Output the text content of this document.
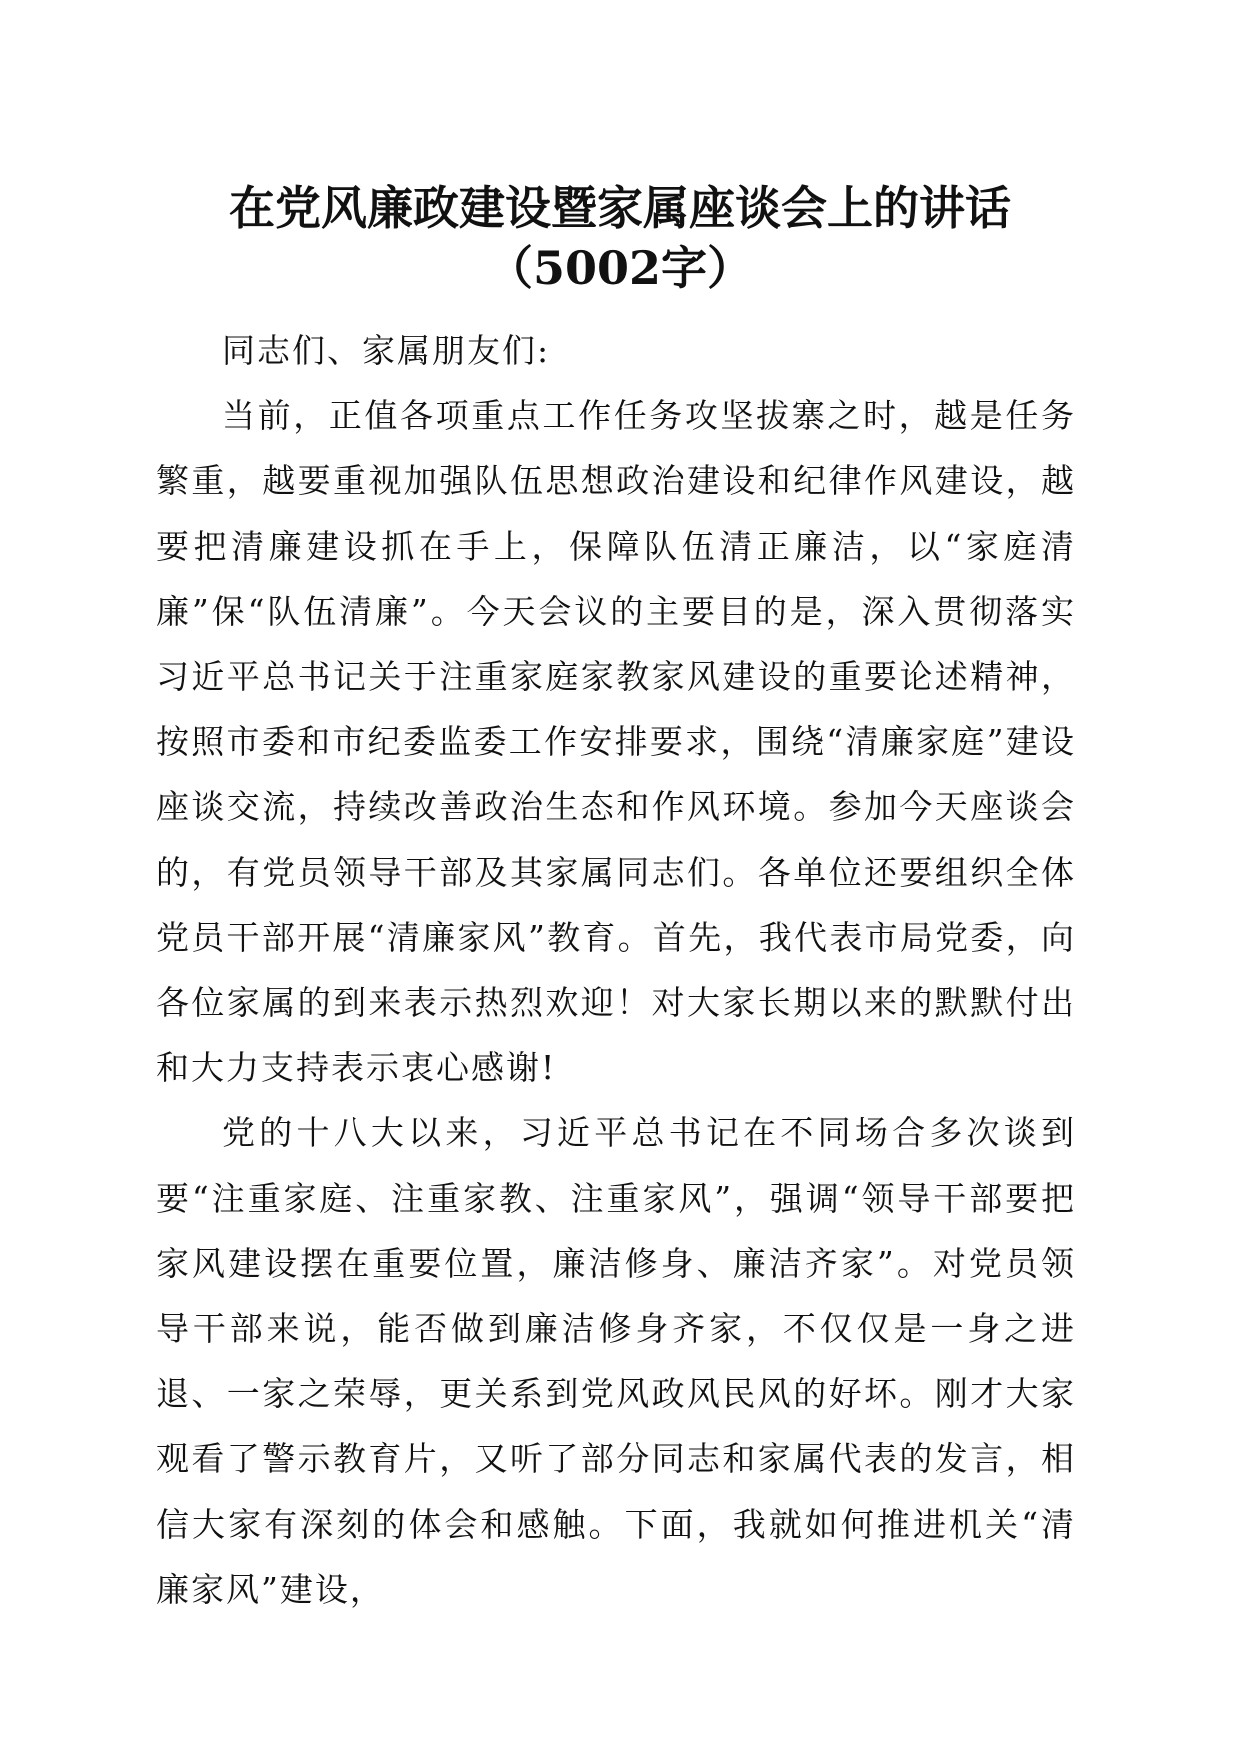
在党风廉政建设暨家属座谈会上的讲话（5002字）

同志们、家属朋友们:

当前，正值各项重点工作任务攻坚拔寨之时，越是任务繁重，越要重视加强队伍思想政治建设和纪律作风建设，越要把清廉建设抓在手上，保障队伍清正廉洁，以“家庭清廉”保“队伍清廉”。今天会议的主要目的是，深入贯彻落实习近平总书记关于注重家庭家教家风建设的重要论述精神，按照市委和市纪委监委工作安排要求，围绕“清廉家庭”建设座谈交流，持续改善政治生态和作风环境。参加今天座谈会的，有党员领导干部及其家属同志们。各单位还要组织全体党员干部开展“清廉家风”教育。首先，我代表市局党委，向各位家属的到来表示热烈欢迎！对大家长期以来的默默付出和大力支持表示衷心感谢!

党的十八大以来，习近平总书记在不同场合多次谈到要“注重家庭、注重家教、注重家风”，强调“领导干部要把家风建设摆在重要位置，廉洁修身、廉洁齐家”。对党员领导干部来说，能否做到廉洁修身齐家，不仅仅是一身之进退、一家之荣辱，更关系到党风政风民风的好坏。刚才大家观看了警示教育片，又听了部分同志和家属代表的发言，相信大家有深刻的体会和感触。下面，我就如何推进机关“清廉家风”建设，
